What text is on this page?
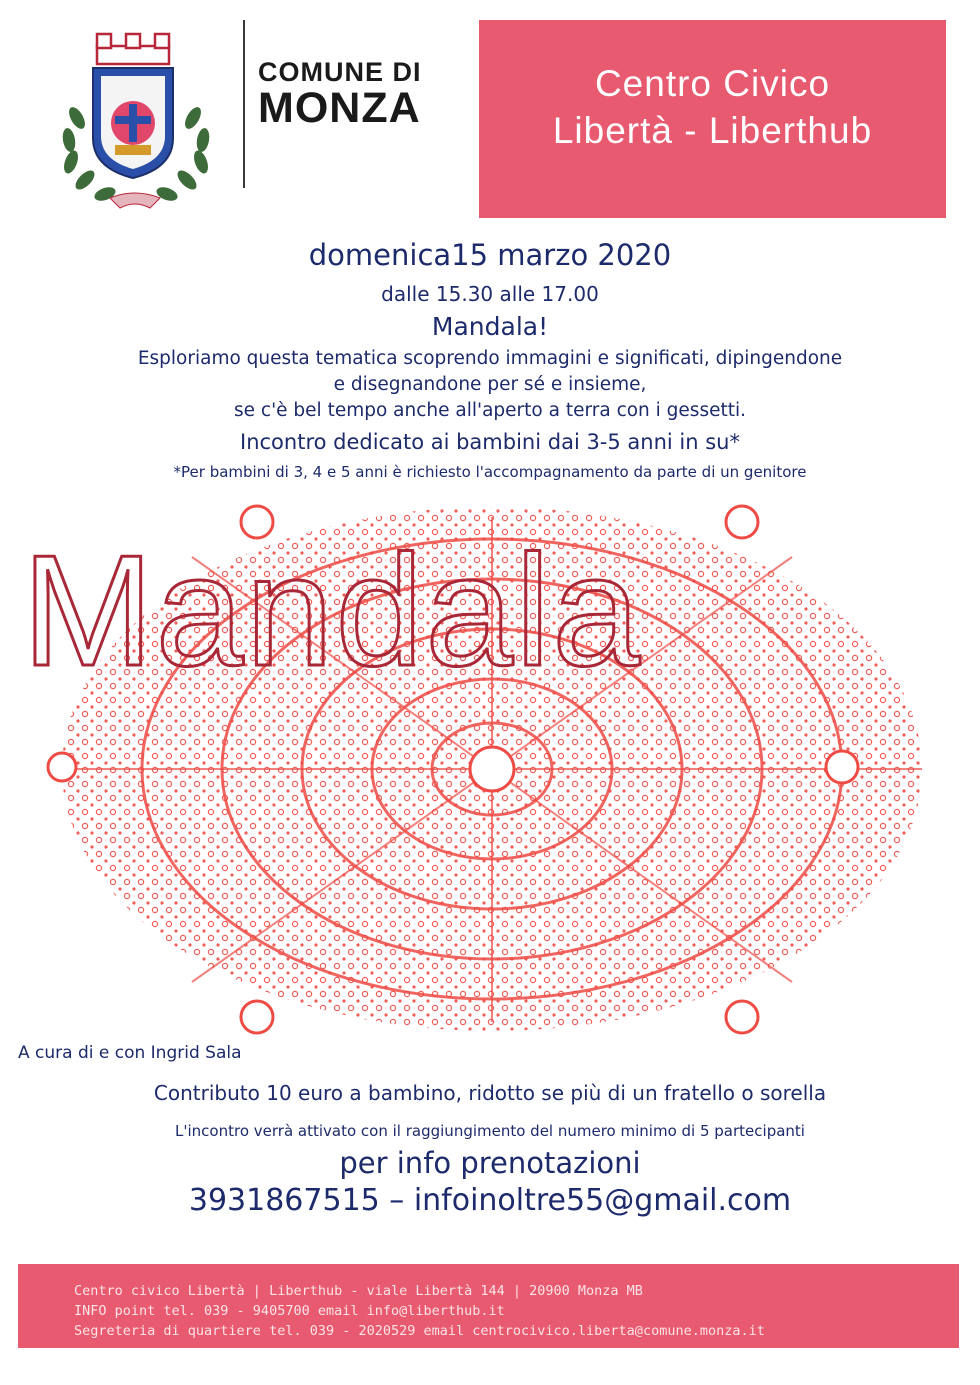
COMUNE DI
MONZA
Centro Civico
Libertà - Liberthub
domenica15 marzo 2020
dalle 15.30 alle 17.00
Mandala!
Esploriamo questa tematica scoprendo immagini e significati, dipingendone
e disegnandone per sé e insieme,
se c'è bel tempo anche all'aperto a terra con i gessetti.
Incontro dedicato ai bambini dai 3-5 anni in su*
*Per bambini di 3, 4 e 5 anni è richiesto l'accompagnamento da parte di un genitore
Mandala
A cura di e con Ingrid Sala
Contributo 10 euro a bambino, ridotto se più di un fratello o sorella
L'incontro verrà attivato con il raggiungimento del numero minimo di 5 partecipanti
per info prenotazioni
3931867515 – infoinoltre55@gmail.com
Centro civico Libertà | Liberthub - viale Libertà 144 | 20900 Monza MB
INFO point tel. 039 - 9405700 email info@liberthub.it
Segreteria di quartiere tel. 039 - 2020529 email centrocivico.liberta@comune.monza.it
